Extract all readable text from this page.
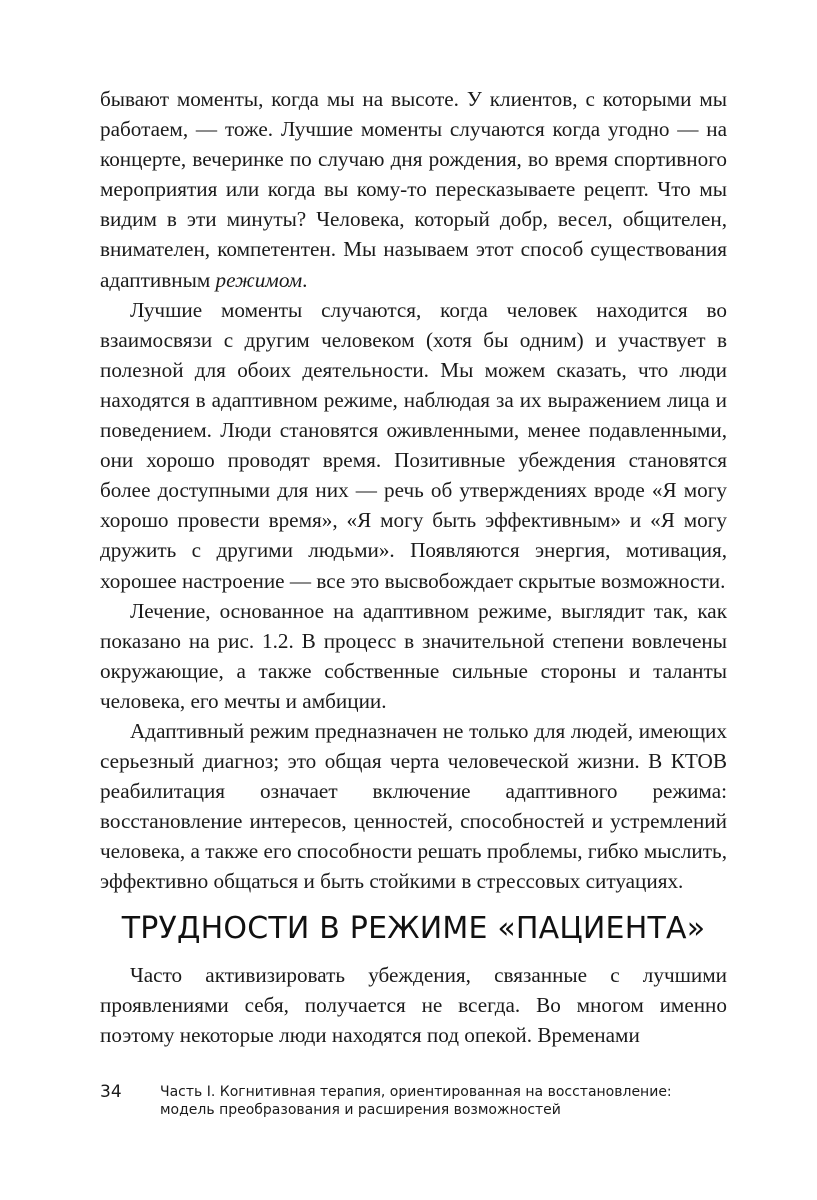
бывают моменты, когда мы на высоте. У клиентов, с которыми мы работаем, — тоже. Лучшие моменты случаются когда угодно — на концерте, вечеринке по случаю дня рождения, во время спортивного мероприятия или когда вы кому-то пересказываете рецепт. Что мы видим в эти минуты? Человека, который добр, весел, общителен, внимателен, компетентен. Мы называем этот способ существования адаптивным режимом.

Лучшие моменты случаются, когда человек находится во взаимосвязи с другим человеком (хотя бы одним) и участвует в полезной для обоих деятельности. Мы можем сказать, что люди находятся в адаптивном режиме, наблюдая за их выражением лица и поведением. Люди становятся оживленными, менее подавленными, они хорошо проводят время. Позитивные убеждения становятся более доступными для них — речь об утверждениях вроде «Я могу хорошо провести время», «Я могу быть эффективным» и «Я могу дружить с другими людьми». Появляются энергия, мотивация, хорошее настроение — все это высвобождает скрытые возможности.

Лечение, основанное на адаптивном режиме, выглядит так, как показано на рис. 1.2. В процесс в значительной степени вовлечены окружающие, а также собственные сильные стороны и таланты человека, его мечты и амбиции.

Адаптивный режим предназначен не только для людей, имеющих серьезный диагноз; это общая черта человеческой жизни. В КТОВ реабилитация означает включение адаптивного режима: восстановление интересов, ценностей, способностей и устремлений человека, а также его способности решать проблемы, гибко мыслить, эффективно общаться и быть стойкими в стрессовых ситуациях.

ТРУДНОСТИ В РЕЖИМЕ «ПАЦИЕНТА»

Часто активизировать убеждения, связанные с лучшими проявлениями себя, получается не всегда. Во многом именно поэтому некоторые люди находятся под опекой. Временами

34	Часть I. Когнитивная терапия, ориентированная на восстановление:
модель преобразования и расширения возможностей
